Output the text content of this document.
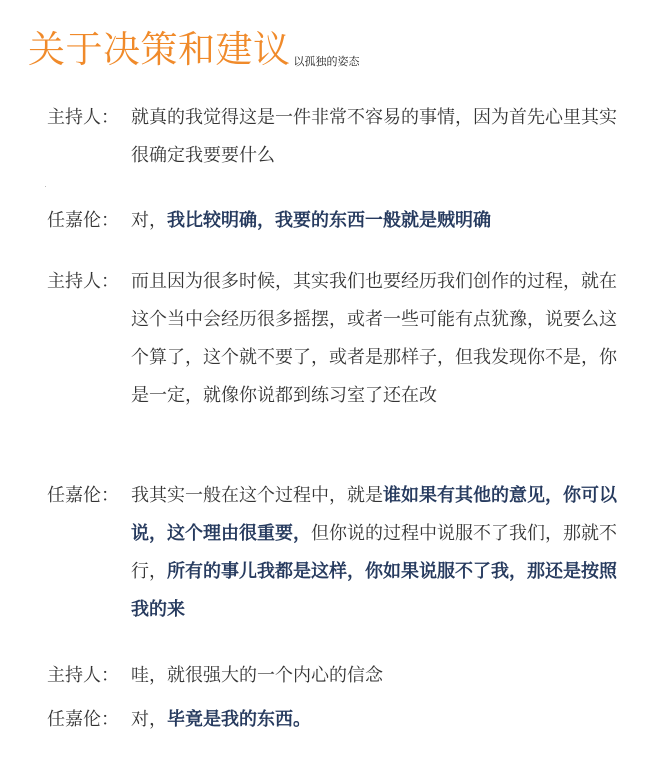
关于决策和建议 以孤独的姿态
主持人： 就真的我觉得这是一件非常不容易的事情，因为首先心里其实很确定我要要什么
任嘉伦： 对，我比较明确，我要的东西一般就是贼明确
主持人： 而且因为很多时候，其实我们也要经历我们创作的过程，就在这个当中会经历很多摇摆，或者一些可能有点犹豫，说要么这个算了，这个就不要了，或者是那样子，但我发现你不是，你是一定，就像你说都到练习室了还在改
任嘉伦： 我其实一般在这个过程中，就是谁如果有其他的意见，你可以说，这个理由很重要，但你说的过程中说服不了我们，那就不行，所有的事儿我都是这样，你如果说服不了我，那还是按照我的来
主持人： 哇，就很强大的一个内心的信念
任嘉伦： 对，毕竟是我的东西。
